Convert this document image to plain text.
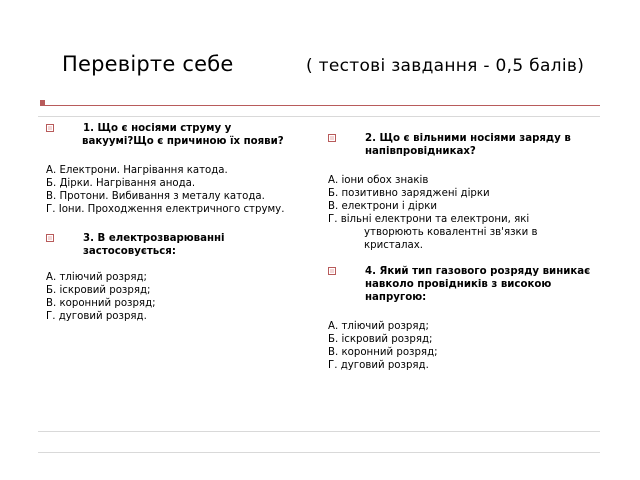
Перевірте себе	( тестові завдання - 0,5 балів)
1. Що є носіями струму у
вакуумі?Що є причиною їх появи?
А. Електрони. Нагрівання катода.
Б. Дірки. Нагрівання анода.
В. Протони. Вибивання з металу катода.
Г. Іони. Проходження електричного струму.
3. В електрозварюванні застосовується:
А. тліючий розряд;
Б. іскровий розряд;
В. коронний розряд;
Г. дуговий розряд.
2. Що є вільними носіями заряду в напівпровідниках?
А. іони обох знаків
Б. позитивно заряджені дірки
В. електрони і дірки
Г. вільні електрони та електрони, які
утворюють ковалентні зв'язки в кристалах.
4. Який тип газового розряду виникає навколо провідників з високою напругою:
А. тліючий розряд;
Б. іскровий розряд;
В. коронний розряд;
Г. дуговий розряд.
